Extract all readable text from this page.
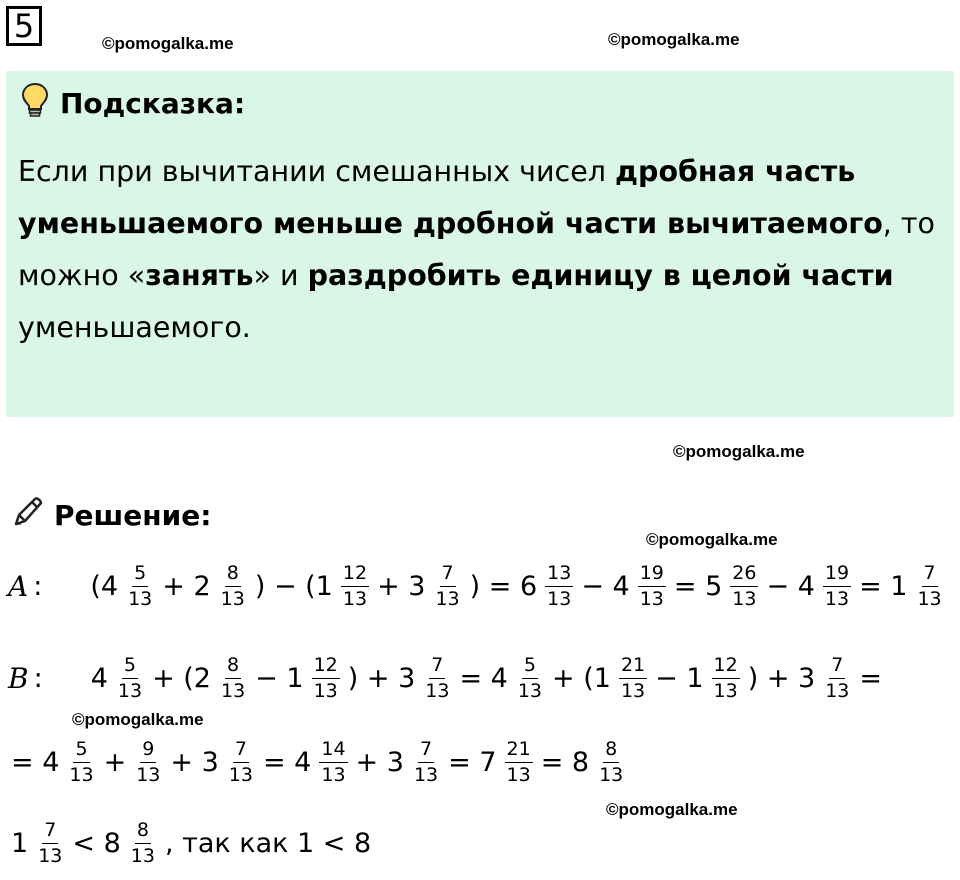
5	©pomogalka.me	©pomogalka.me
Подсказка:
Если при вычитании смешанных чисел дробная часть уменьшаемого меньше дробной части вычитаемого, то можно «занять» и раздробить единицу в целой части уменьшаемого.
©pomogalka.me
Решение:
©pomogalka.me
A : ($4 \frac{5}{13} + 2 \frac{8}{13}$ ) − ($1 \frac{12}{13} + 3 \frac{7}{13}$ ) = $6 \frac{13}{13} - 4 \frac{19}{13} = 5 \frac{26}{13} - 4 \frac{19}{13} = 1 \frac{7}{13}$
B : $4 \frac{5}{13} + (2 \frac{8}{13} - 1 \frac{12}{13}$ ) + $3 \frac{7}{13} = 4 \frac{5}{13} + (1 \frac{21}{13} - 1 \frac{12}{13}$ ) + $3 \frac{7}{13}$ =
©pomogalka.me
= $4 \frac{5}{13} + \frac{9}{13} + 3 \frac{7}{13} = 4 \frac{14}{13} + 3 \frac{7}{13} = 7 \frac{21}{13} = 8 \frac{8}{13}$
©pomogalka.me
$1 \frac{7}{13} < 8 \frac{8}{13}$ , так как 1 < 8
